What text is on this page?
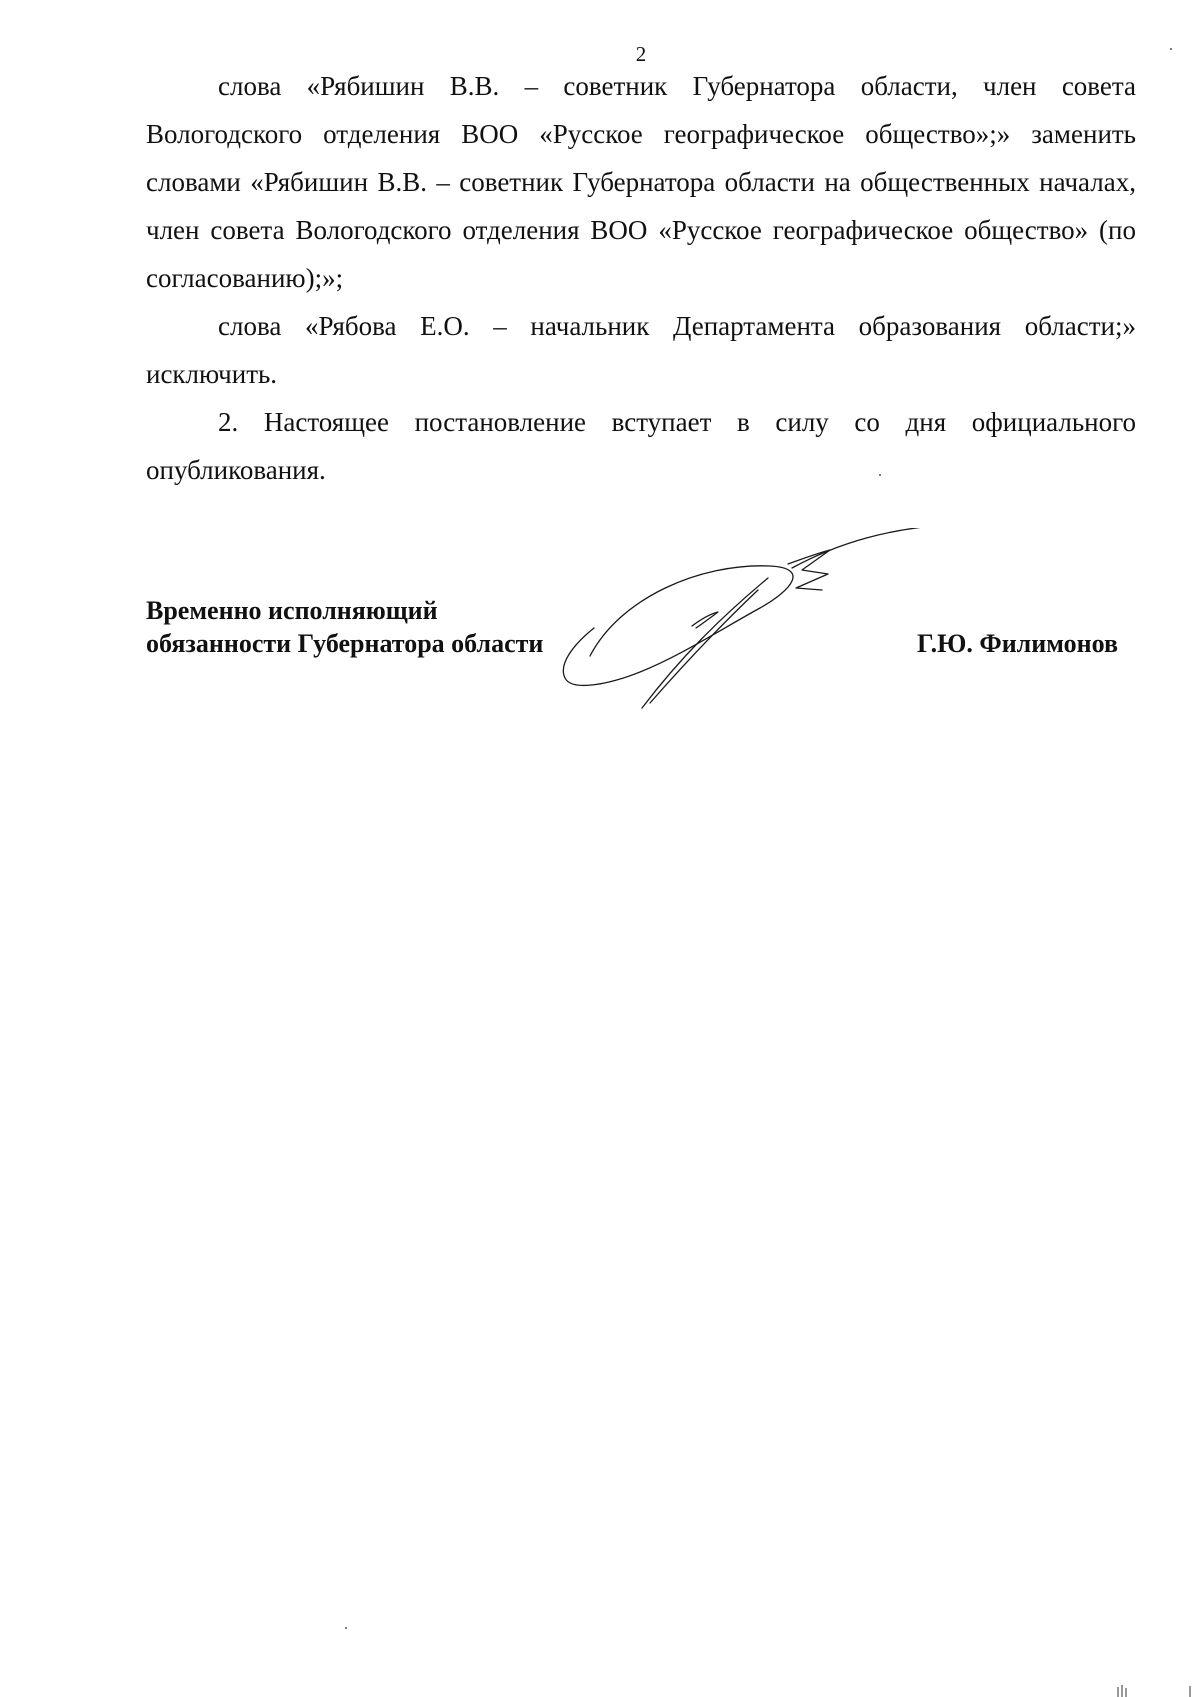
2

слова «Рябишин В.В. – советник Губернатора области, член совета Вологодского отделения ВОО «Русское географическое общество»;» заменить словами «Рябишин В.В. – советник Губернатора области на общественных началах, член совета Вологодского отделения ВОО «Русское географическое общество» (по согласованию);»;

слова «Рябова Е.О. – начальник Департамента образования области;» исключить.

2. Настоящее постановление вступает в силу со дня официального опубликования.

Временно исполняющий
обязанности Губернатора области	Г.Ю. Филимонов
